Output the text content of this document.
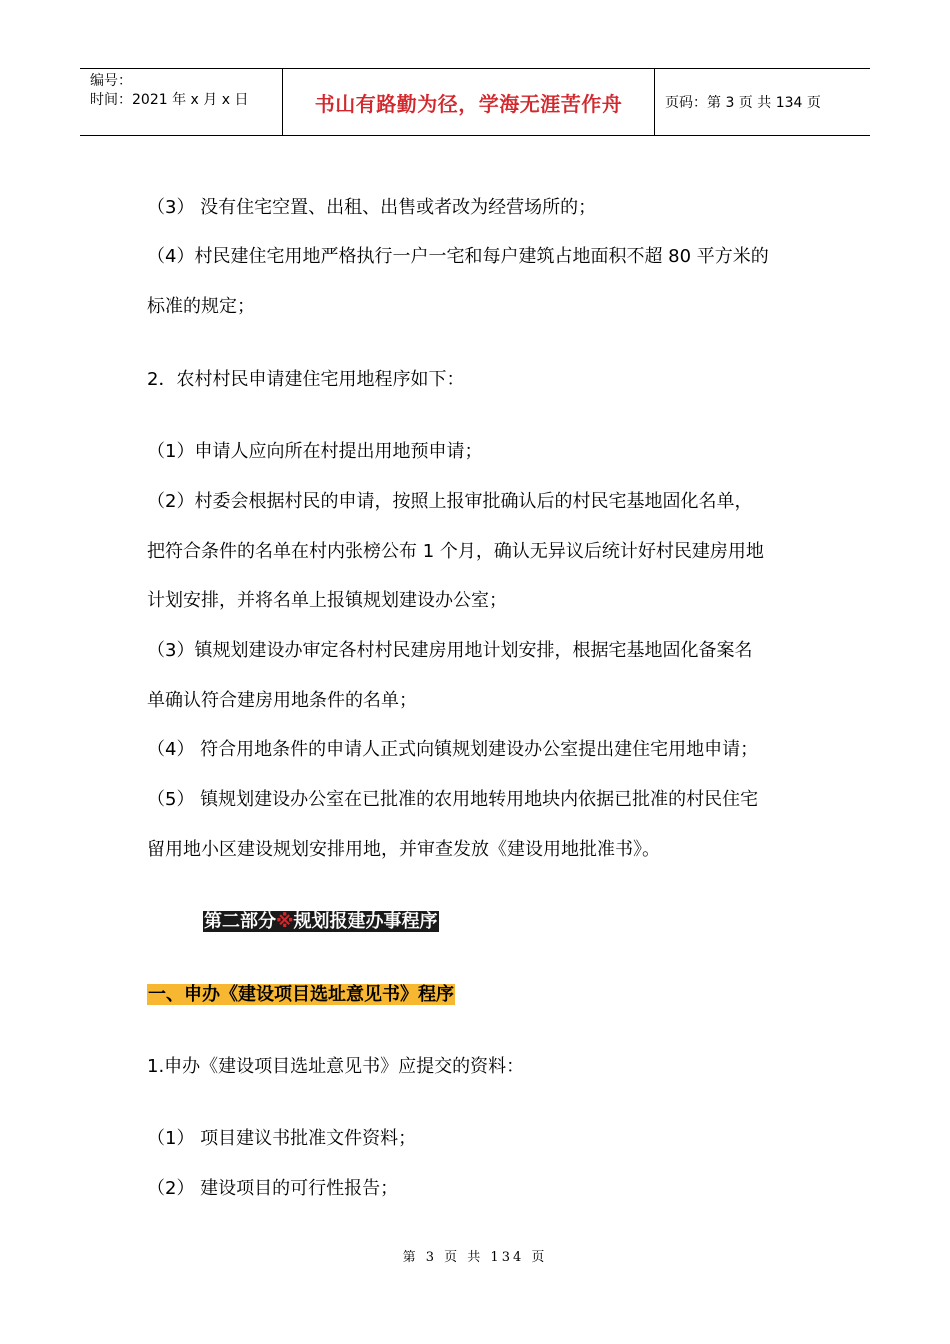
编号：
时间：2021 年 x 月 x 日	书山有路勤为径，学海无涯苦作舟	页码：第 3 页 共 134 页
（3） 没有住宅空置、出租、出售或者改为经营场所的；
（4）村民建住宅用地严格执行一户一宅和每户建筑占地面积不超 80 平方米的
标准的规定；
2．农村村民申请建住宅用地程序如下：
（1）申请人应向所在村提出用地预申请；
（2）村委会根据村民的申请，按照上报审批确认后的村民宅基地固化名单，
把符合条件的名单在村内张榜公布 1 个月，确认无异议后统计好村民建房用地
计划安排，并将名单上报镇规划建设办公室；
（3）镇规划建设办审定各村村民建房用地计划安排，根据宅基地固化备案名
单确认符合建房用地条件的名单；
（4） 符合用地条件的申请人正式向镇规划建设办公室提出建住宅用地申请；
（5） 镇规划建设办公室在已批准的农用地转用地块内依据已批准的村民住宅
留用地小区建设规划安排用地，并审查发放《建设用地批准书》。
第二部分※规划报建办事程序
一、申办《建设项目选址意见书》程序
1.申办《建设项目选址意见书》应提交的资料：
（1） 项目建议书批准文件资料；
（2） 建设项目的可行性报告；
第 3 页 共 134 页
